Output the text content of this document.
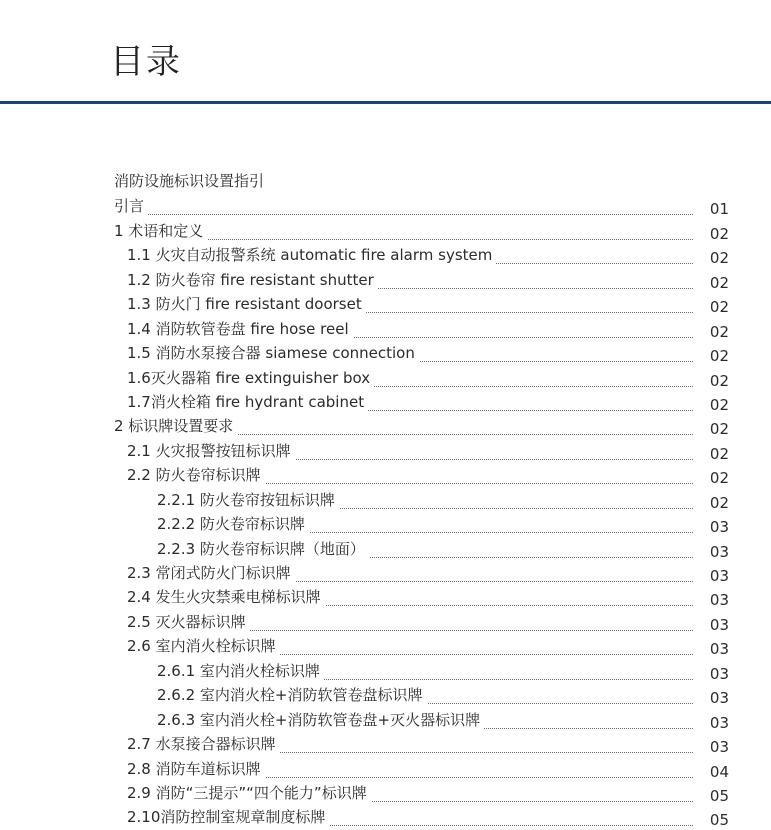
目录
消防设施标识设置指引
引言	01
1 术语和定义	02
1.1 火灾自动报警系统 automatic fire alarm system	02
1.2 防火卷帘 fire resistant shutter	02
1.3 防火门 fire resistant doorset	02
1.4 消防软管卷盘 fire hose reel	02
1.5 消防水泵接合器 siamese connection	02
1.6灭火器箱 fire extinguisher box	02
1.7消火栓箱 fire hydrant cabinet	02
2 标识牌设置要求	02
2.1 火灾报警按钮标识牌	02
2.2 防火卷帘标识牌	02
2.2.1 防火卷帘按钮标识牌	02
2.2.2 防火卷帘标识牌	03
2.2.3 防火卷帘标识牌（地面）	03
2.3 常闭式防火门标识牌	03
2.4 发生火灾禁乘电梯标识牌	03
2.5 灭火器标识牌	03
2.6 室内消火栓标识牌	03
2.6.1 室内消火栓标识牌	03
2.6.2 室内消火栓+消防软管卷盘标识牌	03
2.6.3 室内消火栓+消防软管卷盘+灭火器标识牌	03
2.7 水泵接合器标识牌	03
2.8 消防车道标识牌	04
2.9 消防“三提示”“四个能力”标识牌	05
2.10消防控制室规章制度标牌	05
